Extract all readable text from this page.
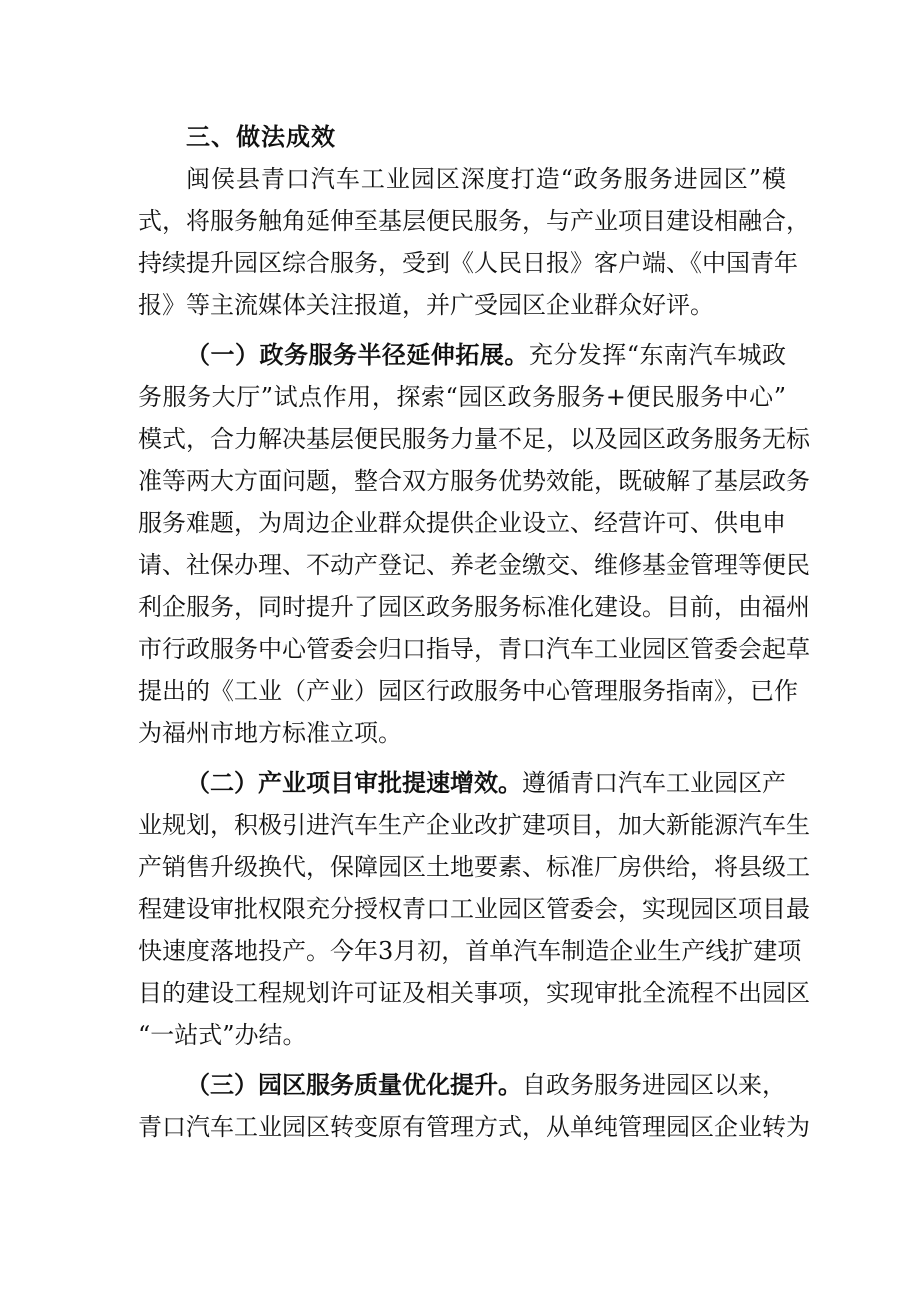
三、做法成效
闽侯县青口汽车工业园区深度打造“政务服务进园区”模
式，将服务触角延伸至基层便民服务，与产业项目建设相融合，
持续提升园区综合服务，受到《人民日报》客户端、《中国青年
报》等主流媒体关注报道，并广受园区企业群众好评。
（一）政务服务半径延伸拓展。充分发挥“东南汽车城政
务服务大厅”试点作用，探索“园区政务服务+便民服务中心”
模式，合力解决基层便民服务力量不足，以及园区政务服务无标
准等两大方面问题，整合双方服务优势效能，既破解了基层政务
服务难题，为周边企业群众提供企业设立、经营许可、供电申
请、社保办理、不动产登记、养老金缴交、维修基金管理等便民
利企服务，同时提升了园区政务服务标准化建设。目前，由福州
市行政服务中心管委会归口指导，青口汽车工业园区管委会起草
提出的《工业（产业）园区行政服务中心管理服务指南》，已作
为福州市地方标准立项。
（二）产业项目审批提速增效。遵循青口汽车工业园区产
业规划，积极引进汽车生产企业改扩建项目，加大新能源汽车生
产销售升级换代，保障园区土地要素、标准厂房供给，将县级工
程建设审批权限充分授权青口工业园区管委会，实现园区项目最
快速度落地投产。今年3月初，首单汽车制造企业生产线扩建项
目的建设工程规划许可证及相关事项，实现审批全流程不出园区
“一站式”办结。
（三）园区服务质量优化提升。自政务服务进园区以来，
青口汽车工业园区转变原有管理方式，从单纯管理园区企业转为
